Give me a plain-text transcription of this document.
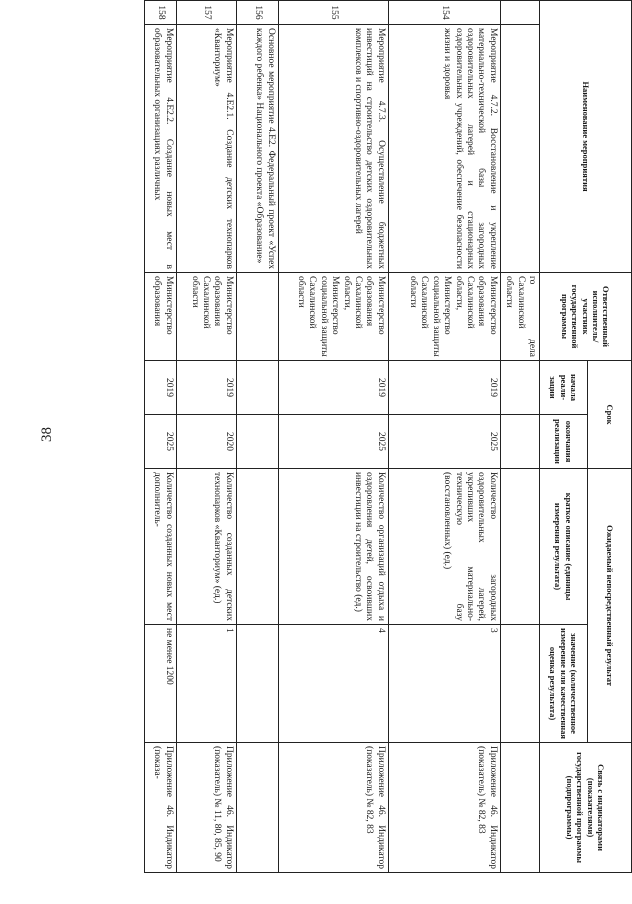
38
Наименование мероприятия		Ответственный исполнитель/участник государственной программы	Срок		Ожидаемый непосредственный результат		Связь с индикаторами (показателями) государственной программы (подпрограммы)
			начала реали-зации	окончания реализации	краткое описание (единицы измерения результата)	значение (количественное измерение или качественная оценка результата)	
		го дела Сахалинской области					
154	Мероприятие 4.7.2. Восстановление и укрепление материально-технической базы загородных оздоровительных лагерей и стационарных оздоровительных учреждений, обеспечение безопасности жизни и здоровья	Министерство образования Сахалинской области, Министерство социальной защиты Сахалинской области	2019	2025	Количество загородных оздоровительных лагерей, укрепивших материально-техническую базу (восстановленных) (ед.)	3	Приложение 46. Индикатор (показатель) № 82, 83
155	Мероприятие 4.7.3. Осуществление бюджетных инвестиций на строительство детских оздоровительных комплексов и спортивно-оздоровительных лагерей	Министерство образования Сахалинской области, Министерство социальной защиты Сахалинской области	2019	2025	Количество организаций отдыха и оздоровления детей, освоивших инвестиции на строительство (ед.)	4	Приложение 46. Индикатор (показатель) № 82, 83
156	Основное мероприятие 4.Е2. Федеральный проект «Успех каждого ребенка» Национального проекта «Образование»						
157	Мероприятие 4.Е2.1. Создание детских технопарков «Кванториум»	Министерство образования Сахалинской области	2019	2020	Количество созданных детских технопарков «Кванториум» (ед.)	1	Приложение 46. Индикатор (показатель) № 11, 80, 85, 90
158	Мероприятие 4.Е2.2. Создание новых мест в образовательных организациях различных	Министерство образования	2019	2025	Количество созданных новых мест дополнитель-	не менее 1200	Приложение 46. Индикатор (показа-
